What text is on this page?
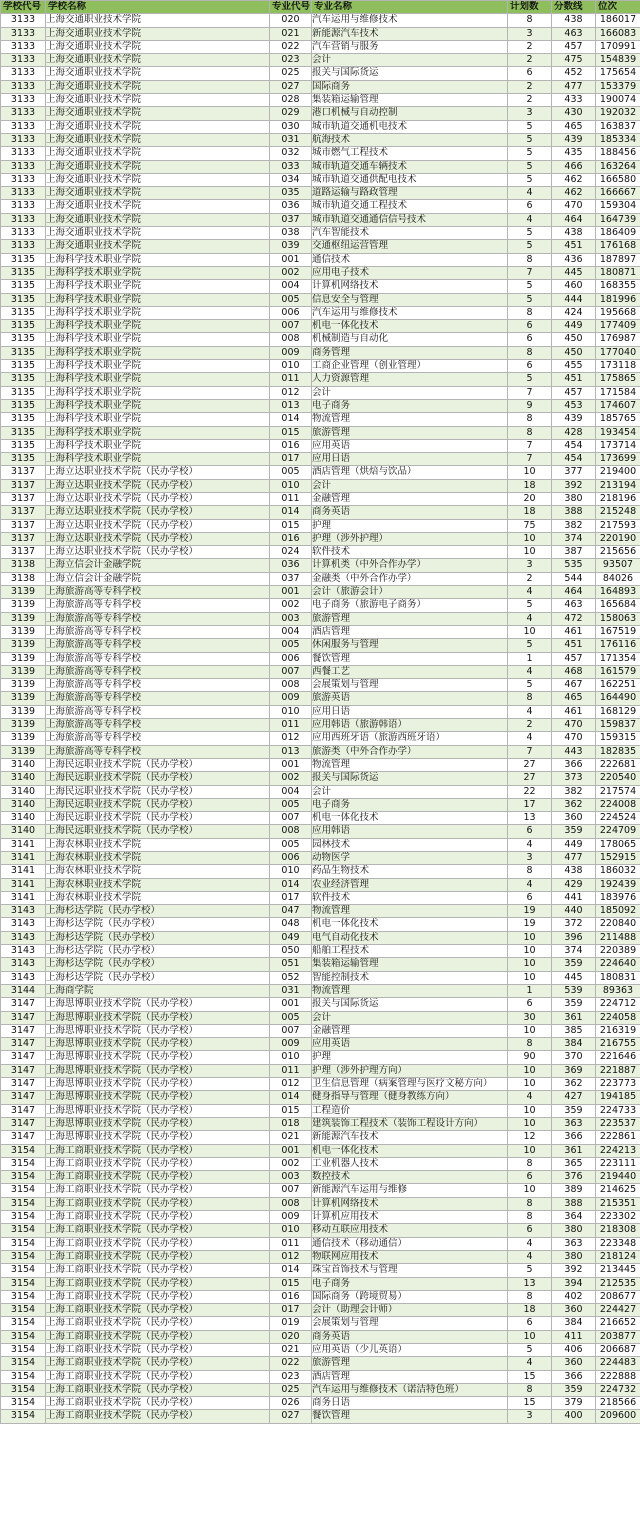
学校代号	学校名称	专业代号	专业名称	计划数	分数线	位次
3133	上海交通职业技术学院	020	汽车运用与维修技术	8	438	186017
3133	上海交通职业技术学院	021	新能源汽车技术	3	463	166083
3133	上海交通职业技术学院	022	汽车营销与服务	2	457	170991
3133	上海交通职业技术学院	023	会计	2	475	154839
3133	上海交通职业技术学院	025	报关与国际货运	6	452	175654
3133	上海交通职业技术学院	027	国际商务	2	477	153379
3133	上海交通职业技术学院	028	集装箱运输管理	2	433	190074
3133	上海交通职业技术学院	029	港口机械与自动控制	3	430	192032
3133	上海交通职业技术学院	030	城市轨道交通机电技术	5	465	163837
3133	上海交通职业技术学院	031	航海技术	5	439	185334
3133	上海交通职业技术学院	032	城市燃气工程技术	5	435	188456
3133	上海交通职业技术学院	033	城市轨道交通车辆技术	5	466	163264
3133	上海交通职业技术学院	034	城市轨道交通供配电技术	5	462	166580
3133	上海交通职业技术学院	035	道路运输与路政管理	4	462	166667
3133	上海交通职业技术学院	036	城市轨道交通工程技术	6	470	159304
3133	上海交通职业技术学院	037	城市轨道交通通信信号技术	4	464	164739
3133	上海交通职业技术学院	038	汽车智能技术	5	438	186409
3133	上海交通职业技术学院	039	交通枢纽运营管理	5	451	176168
3135	上海科学技术职业学院	001	通信技术	8	436	187897
3135	上海科学技术职业学院	002	应用电子技术	7	445	180871
3135	上海科学技术职业学院	004	计算机网络技术	5	460	168355
3135	上海科学技术职业学院	005	信息安全与管理	5	444	181996
3135	上海科学技术职业学院	006	汽车运用与维修技术	8	424	195668
3135	上海科学技术职业学院	007	机电一体化技术	6	449	177409
3135	上海科学技术职业学院	008	机械制造与自动化	6	450	176987
3135	上海科学技术职业学院	009	商务管理	8	450	177040
3135	上海科学技术职业学院	010	工商企业管理（创业管理）	6	455	173118
3135	上海科学技术职业学院	011	人力资源管理	5	451	175865
3135	上海科学技术职业学院	012	会计	7	457	171584
3135	上海科学技术职业学院	013	电子商务	9	453	174607
3135	上海科学技术职业学院	014	物流管理	8	439	185765
3135	上海科学技术职业学院	015	旅游管理	8	428	193454
3135	上海科学技术职业学院	016	应用英语	7	454	173714
3135	上海科学技术职业学院	017	应用日语	7	454	173699
3137	上海立达职业技术学院（民办学校）	005	酒店管理（烘焙与饮品）	10	377	219400
3137	上海立达职业技术学院（民办学校）	010	会计	18	392	213194
3137	上海立达职业技术学院（民办学校）	011	金融管理	20	380	218196
3137	上海立达职业技术学院（民办学校）	014	商务英语	18	388	215248
3137	上海立达职业技术学院（民办学校）	015	护理	75	382	217593
3137	上海立达职业技术学院（民办学校）	016	护理（涉外护理）	10	374	220190
3137	上海立达职业技术学院（民办学校）	024	软件技术	10	387	215656
3138	上海立信会计金融学院	036	计算机类（中外合作办学）	3	535	93507
3138	上海立信会计金融学院	037	金融类（中外合作办学）	2	544	84026
3139	上海旅游高等专科学校	001	会计（旅游会计）	4	464	164893
3139	上海旅游高等专科学校	002	电子商务（旅游电子商务）	5	463	165684
3139	上海旅游高等专科学校	003	旅游管理	4	472	158063
3139	上海旅游高等专科学校	004	酒店管理	10	461	167519
3139	上海旅游高等专科学校	005	休闲服务与管理	5	451	176116
3139	上海旅游高等专科学校	006	餐饮管理	1	457	171354
3139	上海旅游高等专科学校	007	西餐工艺	4	468	161579
3139	上海旅游高等专科学校	008	会展策划与管理	5	467	162251
3139	上海旅游高等专科学校	009	旅游英语	8	465	164490
3139	上海旅游高等专科学校	010	应用日语	4	461	168129
3139	上海旅游高等专科学校	011	应用韩语（旅游韩语）	2	470	159837
3139	上海旅游高等专科学校	012	应用西班牙语（旅游西班牙语）	4	470	159315
3139	上海旅游高等专科学校	013	旅游类（中外合作办学）	7	443	182835
3140	上海民远职业技术学院（民办学校）	001	物流管理	27	366	222681
3140	上海民远职业技术学院（民办学校）	002	报关与国际货运	27	373	220540
3140	上海民远职业技术学院（民办学校）	004	会计	22	382	217574
3140	上海民远职业技术学院（民办学校）	005	电子商务	17	362	224008
3140	上海民远职业技术学院（民办学校）	007	机电一体化技术	13	360	224524
3140	上海民远职业技术学院（民办学校）	008	应用韩语	6	359	224709
3141	上海农林职业技术学院	005	园林技术	4	449	178065
3141	上海农林职业技术学院	006	动物医学	3	477	152915
3141	上海农林职业技术学院	010	药品生物技术	8	438	186032
3141	上海农林职业技术学院	014	农业经济管理	4	429	192439
3141	上海农林职业技术学院	017	软件技术	6	441	183976
3143	上海杉达学院（民办学校）	047	物流管理	19	440	185092
3143	上海杉达学院（民办学校）	048	机电一体化技术	19	372	220840
3143	上海杉达学院（民办学校）	049	电气自动化技术	10	396	211488
3143	上海杉达学院（民办学校）	050	船舶工程技术	10	374	220389
3143	上海杉达学院（民办学校）	051	集装箱运输管理	10	359	224640
3143	上海杉达学院（民办学校）	052	智能控制技术	10	445	180831
3144	上海商学院	031	物流管理	1	539	89363
3147	上海思博职业技术学院（民办学校）	001	报关与国际货运	6	359	224712
3147	上海思博职业技术学院（民办学校）	005	会计	30	361	224058
3147	上海思博职业技术学院（民办学校）	007	金融管理	10	385	216319
3147	上海思博职业技术学院（民办学校）	009	应用英语	8	384	216755
3147	上海思博职业技术学院（民办学校）	010	护理	90	370	221646
3147	上海思博职业技术学院（民办学校）	011	护理（涉外护理方向）	10	369	221887
3147	上海思博职业技术学院（民办学校）	012	卫生信息管理（病案管理与医疗文秘方向）	10	362	223773
3147	上海思博职业技术学院（民办学校）	014	健身指导与管理（健身教练方向）	4	427	194185
3147	上海思博职业技术学院（民办学校）	015	工程造价	10	359	224733
3147	上海思博职业技术学院（民办学校）	018	建筑装饰工程技术（装饰工程设计方向）	10	363	223537
3147	上海思博职业技术学院（民办学校）	021	新能源汽车技术	12	366	222861
3154	上海工商职业技术学院（民办学校）	001	机电一体化技术	10	361	224213
3154	上海工商职业技术学院（民办学校）	002	工业机器人技术	8	365	223111
3154	上海工商职业技术学院（民办学校）	003	数控技术	6	376	219440
3154	上海工商职业技术学院（民办学校）	007	新能源汽车运用与维修	10	389	214625
3154	上海工商职业技术学院（民办学校）	008	计算机网络技术	8	388	215351
3154	上海工商职业技术学院（民办学校）	009	计算机应用技术	8	364	223302
3154	上海工商职业技术学院（民办学校）	010	移动互联应用技术	6	380	218308
3154	上海工商职业技术学院（民办学校）	011	通信技术（移动通信）	4	363	223348
3154	上海工商职业技术学院（民办学校）	012	物联网应用技术	4	380	218124
3154	上海工商职业技术学院（民办学校）	014	珠宝首饰技术与管理	5	392	213445
3154	上海工商职业技术学院（民办学校）	015	电子商务	13	394	212535
3154	上海工商职业技术学院（民办学校）	016	国际商务（跨境贸易）	8	402	208677
3154	上海工商职业技术学院（民办学校）	017	会计（助理会计师）	18	360	224427
3154	上海工商职业技术学院（民办学校）	019	会展策划与管理	6	384	216652
3154	上海工商职业技术学院（民办学校）	020	商务英语	10	411	203877
3154	上海工商职业技术学院（民办学校）	021	应用英语（少儿英语）	5	406	206687
3154	上海工商职业技术学院（民办学校）	022	旅游管理	4	360	224483
3154	上海工商职业技术学院（民办学校）	023	酒店管理	15	366	222888
3154	上海工商职业技术学院（民办学校）	025	汽车运用与维修技术（诺洁特色班）	8	359	224732
3154	上海工商职业技术学院（民办学校）	026	商务日语	15	379	218566
3154	上海工商职业技术学院（民办学校）	027	餐饮管理	3	400	209600
